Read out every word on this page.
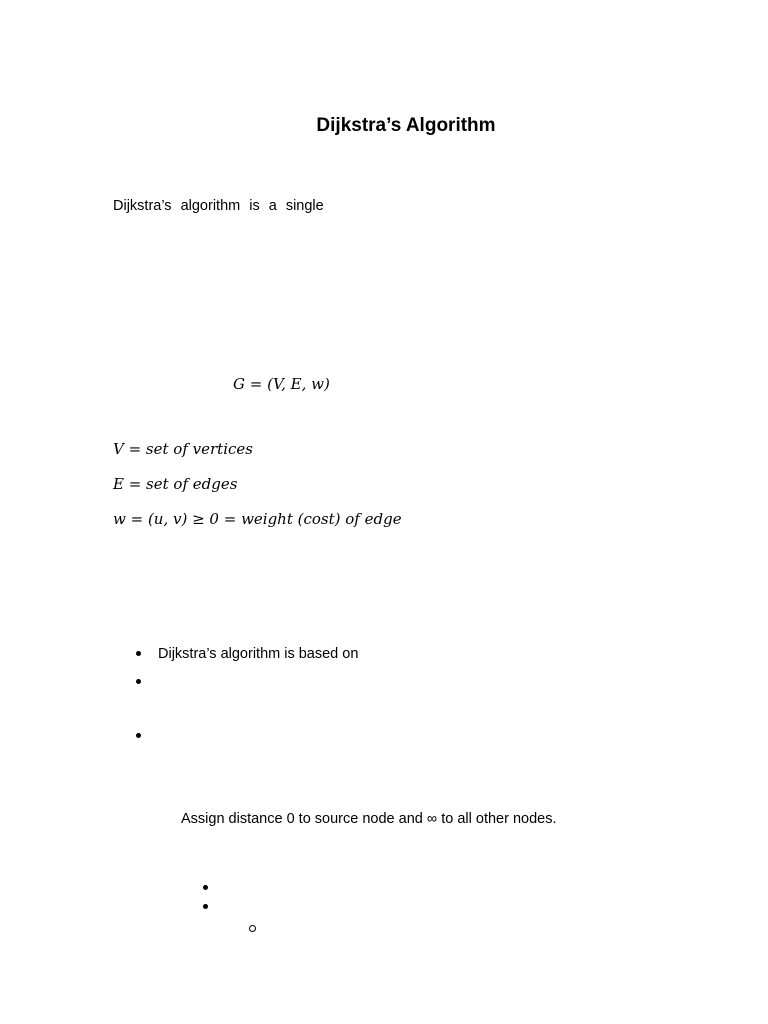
Dijkstra’s Algorithm
Dijkstra’s algorithm is a single
G = (V, E, w)
V = set of vertices
E = set of edges
w = (u, v) ≥ 0 = weight (cost) of edge
Dijkstra’s algorithm is based on
Assign distance 0 to source node and ∞ to all other nodes.
